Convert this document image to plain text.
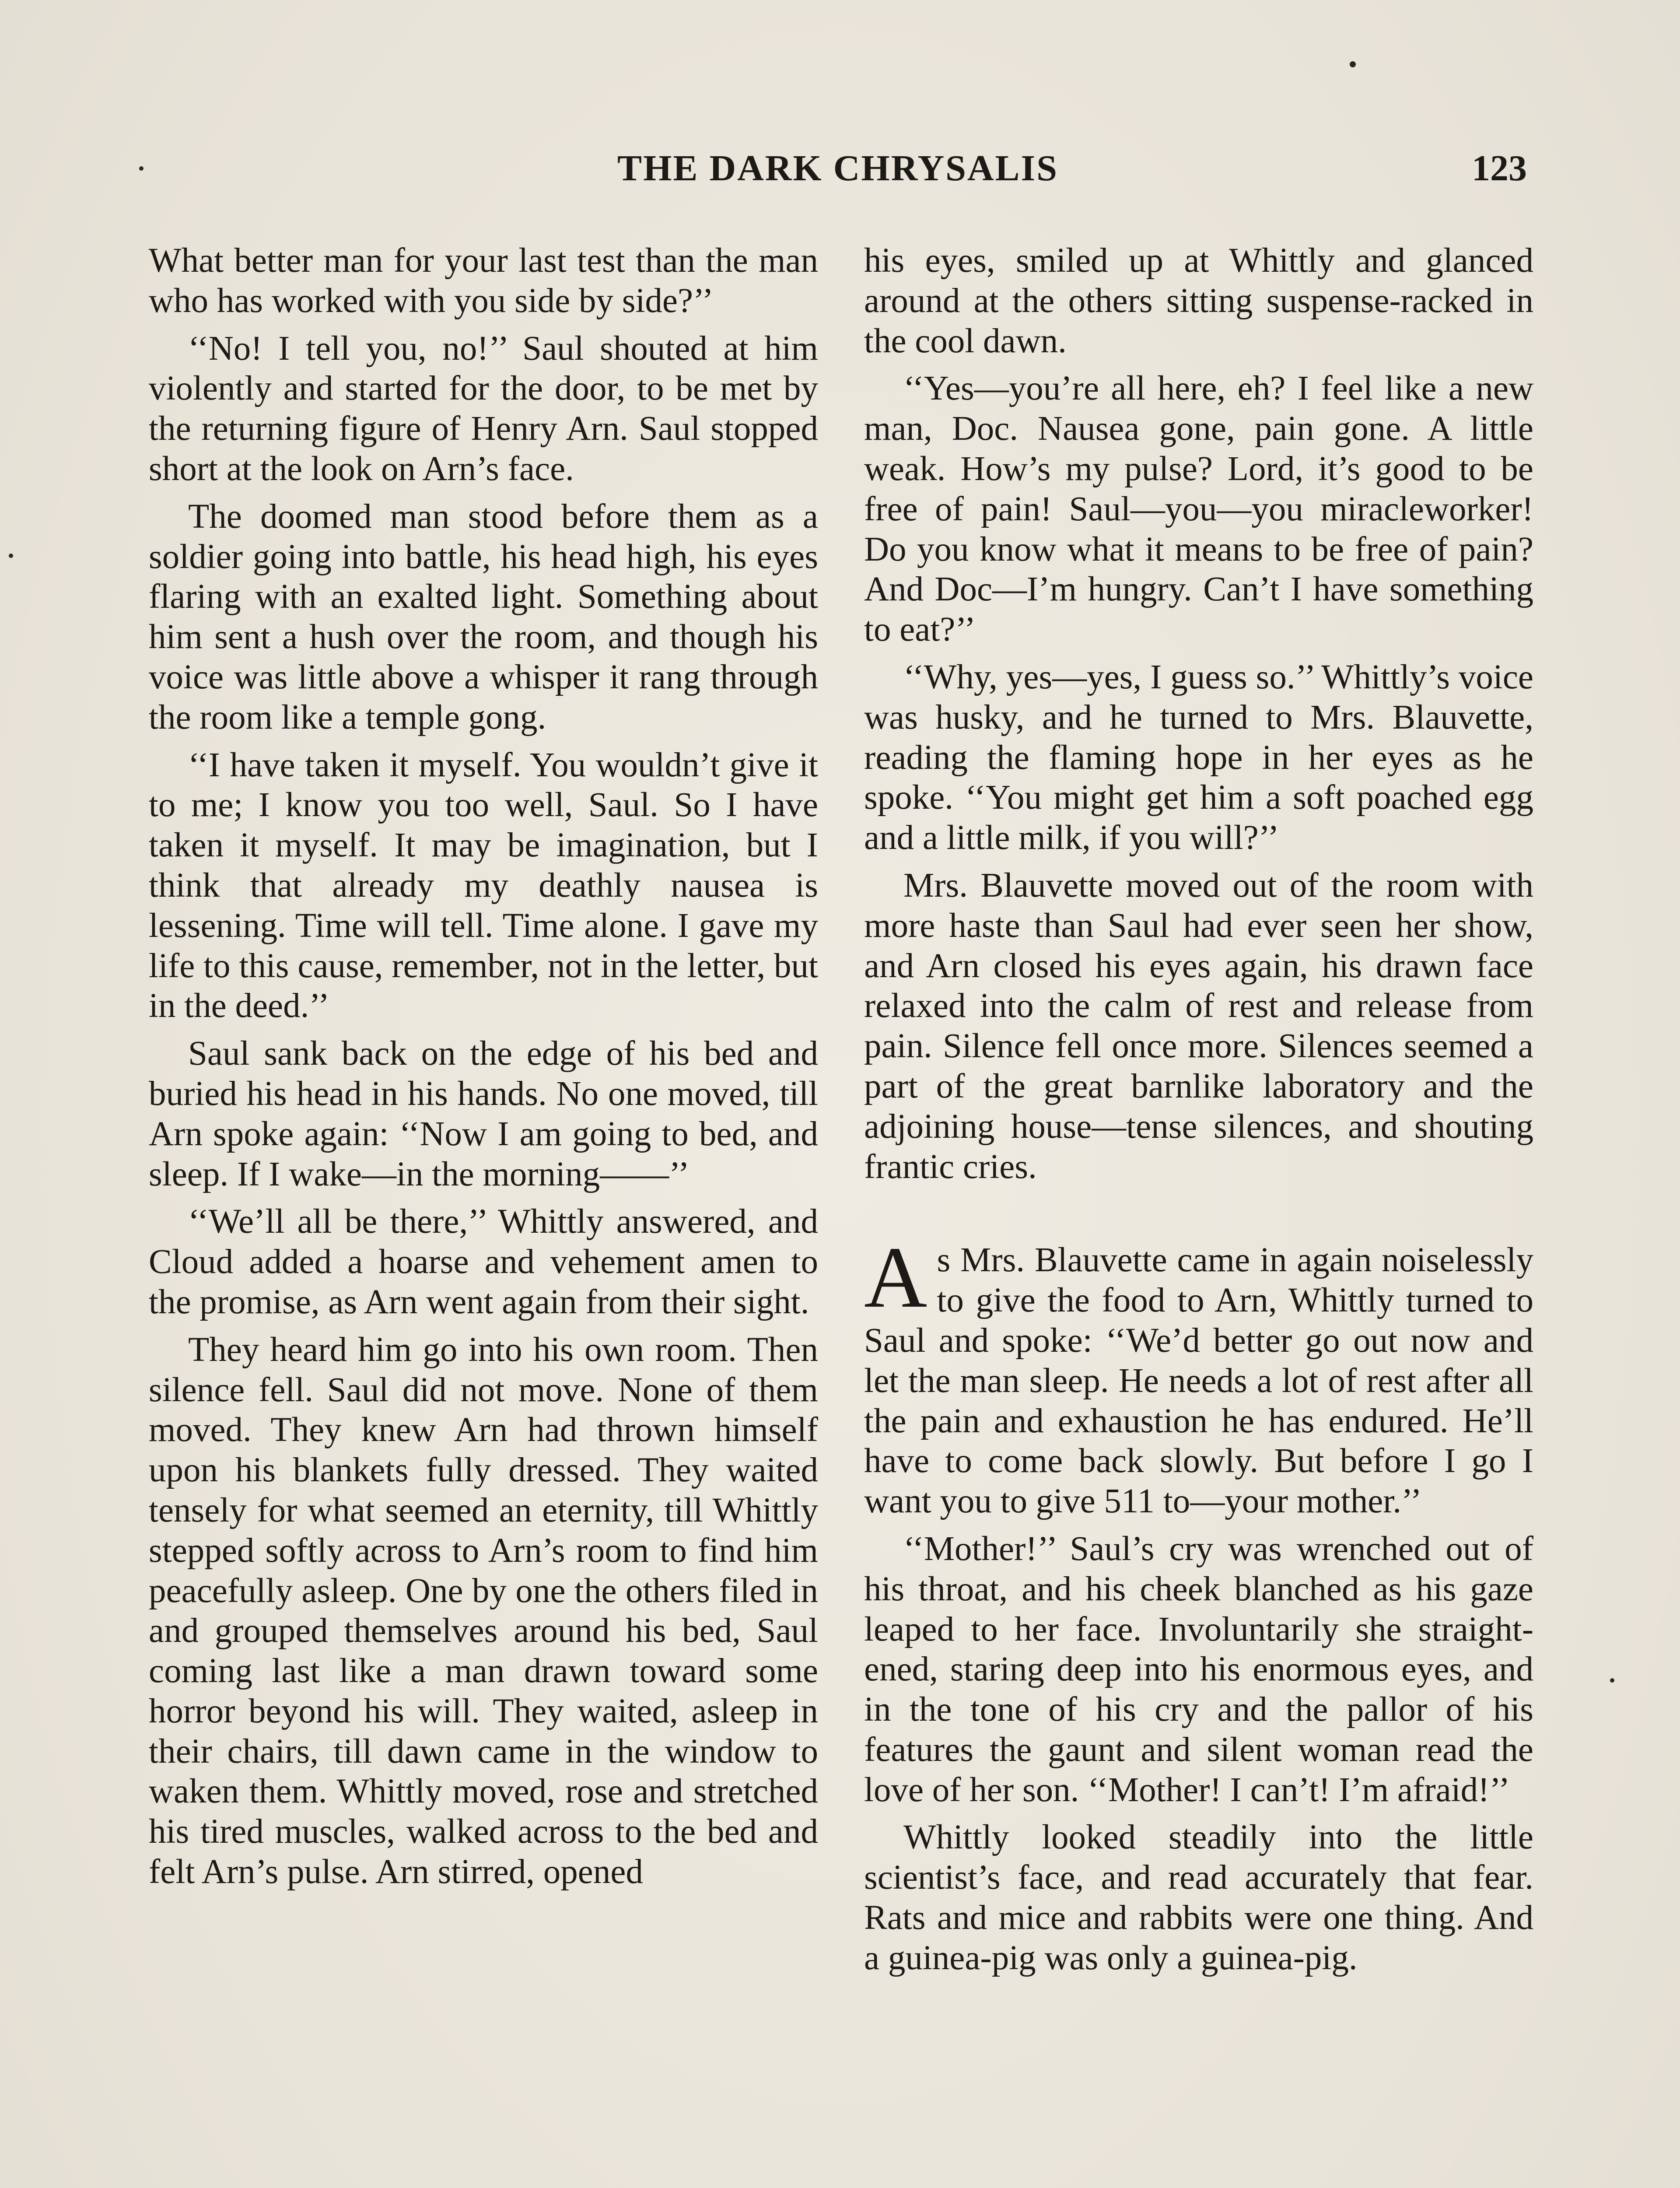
THE DARK CHRYSALIS	123

What better man for your last test than the man who has worked with you side by side?’’

‘‘No! I tell you, no!’’ Saul shouted at him violently and started for the door, to be met by the returning figure of Henry Arn. Saul stopped short at the look on Arn’s face.

The doomed man stood before them as a soldier going into battle, his head high, his eyes flaring with an exalted light. Something about him sent a hush over the room, and though his voice was little above a whisper it rang through the room like a temple gong.

‘‘I have taken it myself. You wouldn’t give it to me; I know you too well, Saul. So I have taken it myself. It may be imagination, but I think that already my deathly nausea is lessening. Time will tell. Time alone. I gave my life to this cause, remember, not in the letter, but in the deed.’’

Saul sank back on the edge of his bed and buried his head in his hands. No one moved, till Arn spoke again: ‘‘Now I am going to bed, and sleep. If I wake—in the morning——’’

‘‘We’ll all be there,’’ Whittly answered, and Cloud added a hoarse and vehement amen to the promise, as Arn went again from their sight.

They heard him go into his own room. Then silence fell. Saul did not move. None of them moved. They knew Arn had thrown himself upon his blankets fully dressed. They waited tensely for what seemed an eternity, till Whittly stepped softly across to Arn’s room to find him peacefully asleep. One by one the others filed in and grouped themselves around his bed, Saul coming last like a man drawn toward some horror beyond his will. They waited, asleep in their chairs, till dawn came in the window to waken them. Whittly moved, rose and stretched his tired muscles, walked across to the bed and felt Arn’s pulse. Arn stirred, opened

his eyes, smiled up at Whittly and glanced around at the others sitting suspense-racked in the cool dawn.

‘‘Yes—you’re all here, eh? I feel like a new man, Doc. Nausea gone, pain gone. A little weak. How’s my pulse? Lord, it’s good to be free of pain! Saul—you—you miracleworker! Do you know what it means to be free of pain? And Doc—I’m hungry. Can’t I have something to eat?’’

‘‘Why, yes—yes, I guess so.’’ Whittly’s voice was husky, and he turned to Mrs. Blauvette, reading the flaming hope in her eyes as he spoke. ‘‘You might get him a soft poached egg and a little milk, if you will?’’

Mrs. Blauvette moved out of the room with more haste than Saul had ever seen her show, and Arn closed his eyes again, his drawn face relaxed into the calm of rest and release from pain. Silence fell once more. Silences seemed a part of the great barnlike laboratory and the adjoining house—tense silences, and shouting frantic cries.

As Mrs. Blauvette came in again noiselessly to give the food to Arn, Whittly turned to Saul and spoke: ‘‘We’d better go out now and let the man sleep. He needs a lot of rest after all the pain and exhaustion he has endured. He’ll have to come back slowly. But before I go I want you to give 511 to—your mother.’’

‘‘Mother!’’ Saul’s cry was wrenched out of his throat, and his cheek blanched as his gaze leaped to her face. Involuntarily she straightened, staring deep into his enormous eyes, and in the tone of his cry and the pallor of his features the gaunt and silent woman read the love of her son. ‘‘Mother! I can’t! I’m afraid!’’

Whittly looked steadily into the little scientist’s face, and read accurately that fear. Rats and mice and rabbits were one thing. And a guinea-pig was only a guinea-pig.
